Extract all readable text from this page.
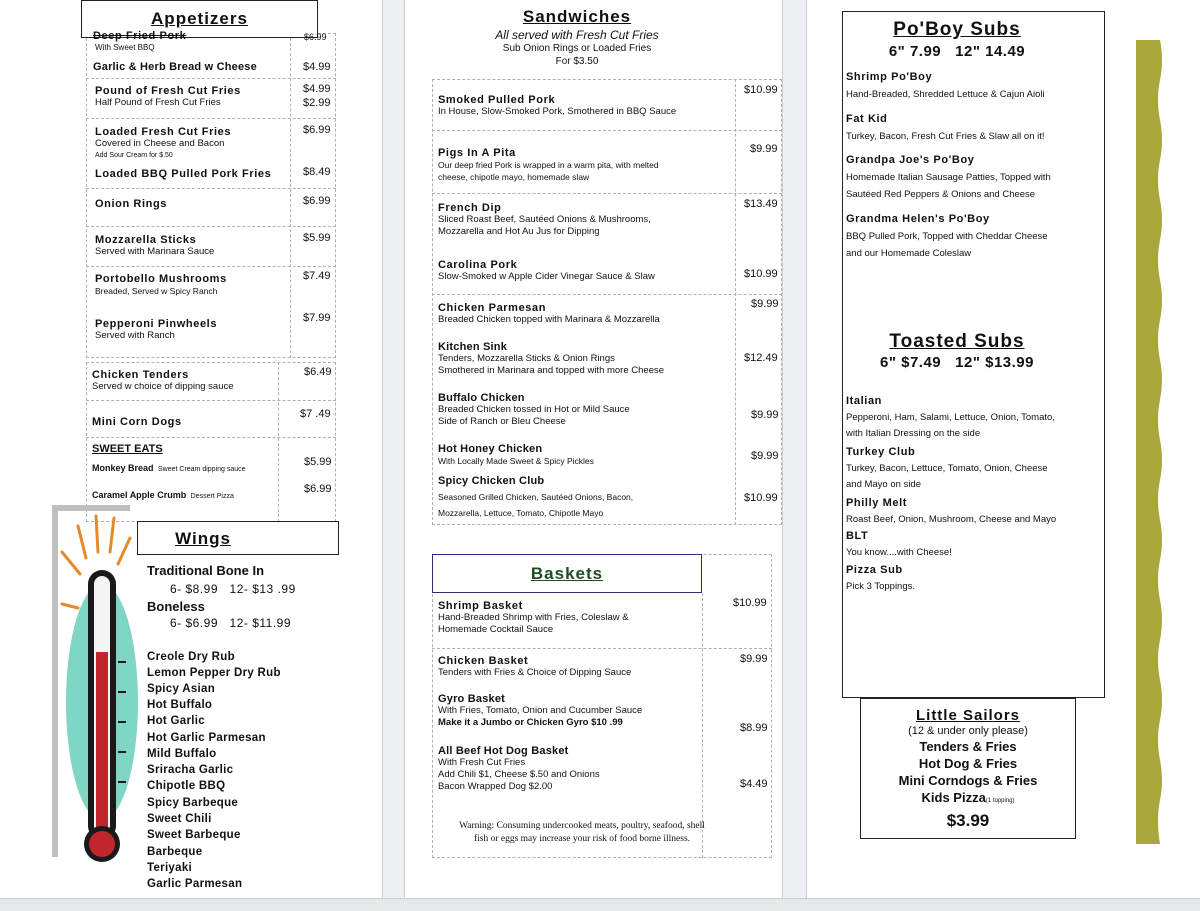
Appetizers
Deep Fried Pork
With Sweet BBQ
$6.99
Garlic & Herb Bread w Cheese	$4.99
Pound of Fresh Cut Fries
Half Pound of Fresh Cut Fries
$4.99
$2.99
Loaded Fresh Cut Fries
Covered in Cheese and Bacon
Add Sour Cream for $.50
$6.99
Loaded BBQ Pulled Pork Fries	$8.49
Onion Rings	$6.99
Mozzarella Sticks
Served with Marinara Sauce
$5.99
Portobello Mushrooms
Breaded, Served w Spicy Ranch
$7.49
Pepperoni Pinwheels
Served with Ranch
$7.99
Chicken Tenders
Served w choice of dipping sauce
$6.49
Mini Corn Dogs
$7 .49
SWEET EATS
Monkey Bread Sweet Cream dipping sauce
$5.99
Caramel Apple Crumb Dessert Pizza
$6.99
Wings
Traditional Bone In
6- $8.99   12- $13 .99
Boneless
6- $6.99   12- $11.99
Creole Dry Rub
Lemon Pepper Dry Rub
Spicy Asian
Hot Buffalo
Hot Garlic
Hot Garlic Parmesan
Mild Buffalo
Sriracha Garlic
Chipotle BBQ
Spicy Barbeque
Sweet Chili
Sweet Barbeque
Barbeque
Teriyaki
Garlic Parmesan
Sandwiches
All served with Fresh Cut Fries
Sub Onion Rings or Loaded Fries
For $3.50
Smoked Pulled Pork
In House, Slow-Smoked Pork, Smothered in BBQ Sauce
$10.99
Pigs In A Pita
Our deep fried Pork is wrapped in a warm pita, with melted
cheese, chipotle mayo, homemade slaw
$9.99
French Dip
Sliced Roast Beef, Sautéed Onions & Mushrooms,
Mozzarella and Hot Au Jus for Dipping
$13.49
Carolina Pork
Slow-Smoked w Apple Cider Vinegar Sauce & Slaw	$10.99
Chicken Parmesan
Breaded Chicken topped with Marinara & Mozzarella
$9.99
Kitchen Sink
Tenders, Mozzarella Sticks & Onion Rings
Smothered in Marinara and topped with more Cheese
$12.49
Buffalo Chicken
Breaded Chicken tossed in Hot or Mild Sauce
Side of Ranch or Bleu Cheese
$9.99
Hot Honey Chicken
With Locally Made Sweet & Spicy Pickles	$9.99
Spicy Chicken Club
Seasoned Grilled Chicken, Sautéed Onions, Bacon,
Mozzarella, Lettuce, Tomato, Chipotle Mayo
$10.99
Baskets
Shrimp Basket
Hand-Breaded Shrimp with Fries, Coleslaw &
Homemade Cocktail Sauce
$10.99
Chicken Basket
Tenders with Fries & Choice of Dipping Sauce
$9.99
Gyro Basket
With Fries, Tomato, Onion and Cucumber Sauce
Make it a Jumbo or Chicken Gyro $10 .99	$8.99
All Beef Hot Dog Basket
With Fresh Cut Fries
Add Chili $1, Cheese $.50 and Onions
Bacon Wrapped Dog $2.00	$4.49
Warning: Consuming undercooked meats, poultry, seafood, shell fish or eggs may increase your risk of food borne illness.
Po'Boy Subs
6" 7.99   12" 14.49
Shrimp Po'Boy
Hand-Breaded, Shredded Lettuce & Cajun Aioli
Fat Kid
Turkey, Bacon, Fresh Cut Fries & Slaw all on it!
Grandpa Joe's Po'Boy
Homemade Italian Sausage Patties, Topped with
Sautéed Red Peppers & Onions and Cheese
Grandma Helen's Po'Boy
BBQ Pulled Pork, Topped with Cheddar Cheese
and our Homemade Coleslaw
Toasted Subs
6" $7.49   12" $13.99
Italian
Pepperoni, Ham, Salami, Lettuce, Onion, Tomato,
with Italian Dressing on the side
Turkey Club
Turkey, Bacon, Lettuce, Tomato, Onion, Cheese
and Mayo on side
Philly Melt
Roast Beef, Onion, Mushroom, Cheese and Mayo
BLT
You know....with Cheese!
Pizza Sub
Pick 3 Toppings.
Little Sailors
(12 & under only please)
Tenders & Fries
Hot Dog & Fries
Mini Corndogs & Fries
Kids Pizza(1 topping)
$3.99
